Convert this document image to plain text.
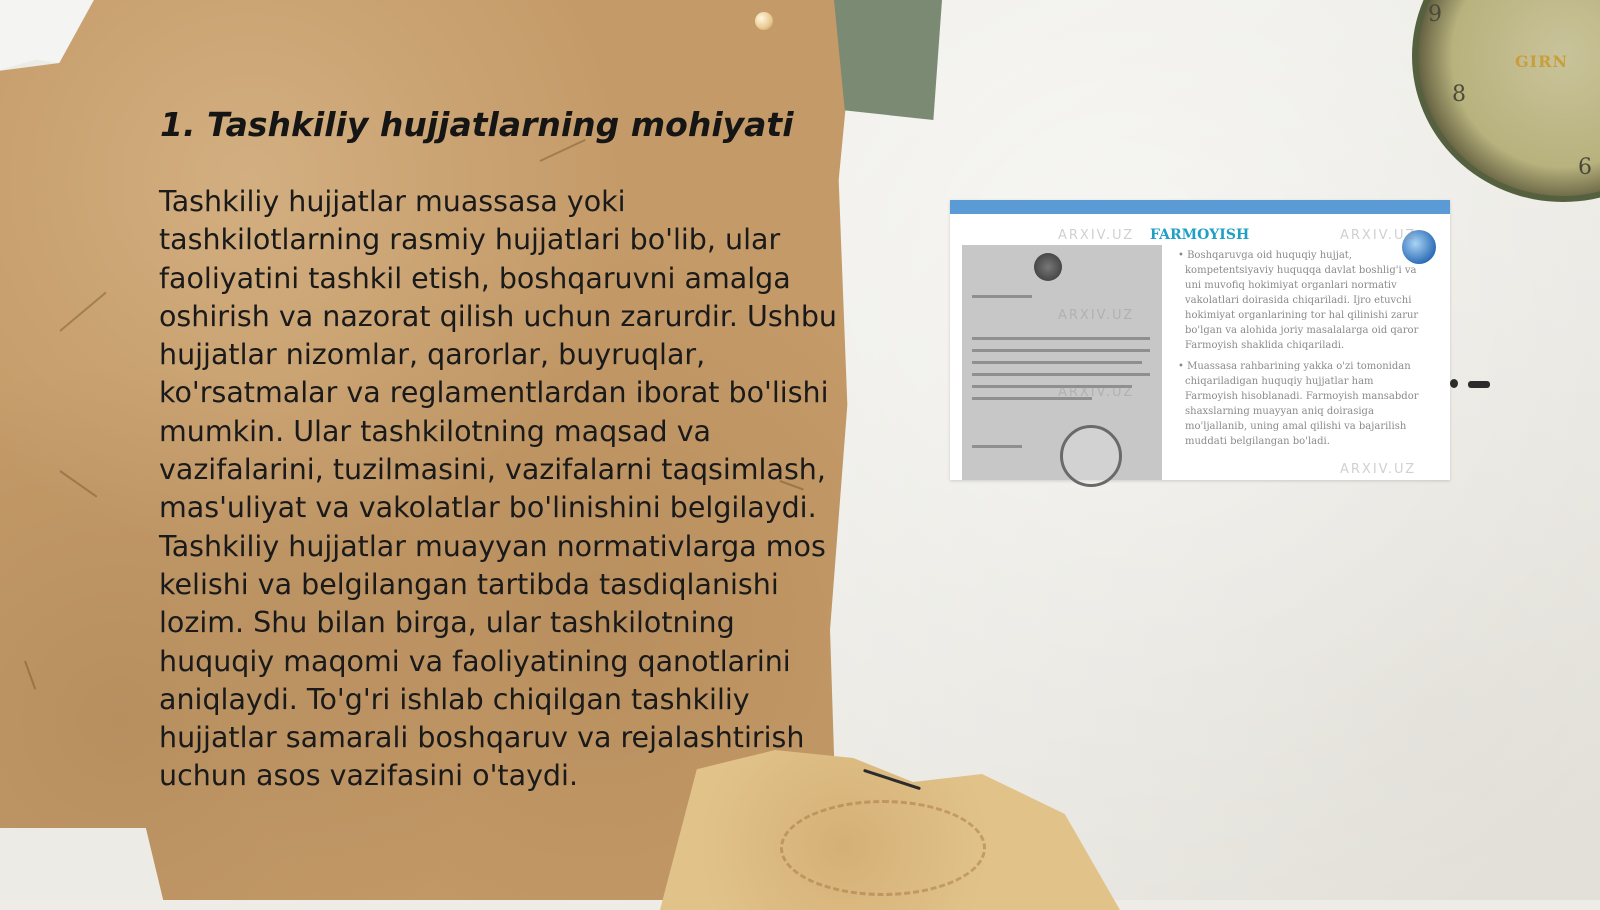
GIRN
9
8
6
1. Tashkiliy hujjatlarning mohiyati

Tashkiliy hujjatlar muassasa yoki tashkilotlarning rasmiy hujjatlari bo'lib, ular faoliyatini tashkil etish, boshqaruvni amalga oshirish va nazorat qilish uchun zarurdir. Ushbu hujjatlar nizomlar, qarorlar, buyruqlar, ko'rsatmalar va reglamentlardan iborat bo'lishi mumkin. Ular tashkilotning maqsad va vazifalarini, tuzilmasini, vazifalarni taqsimlash, mas'uliyat va vakolatlar bo'linishini belgilaydi. Tashkiliy hujjatlar muayyan normativlarga mos kelishi va belgilangan tartibda tasdiqlanishi lozim. Shu bilan birga, ular tashkilotning huquqiy maqomi va faoliyatining qanotlarini aniqlaydi. To'g'ri ishlab chiqilgan tashkiliy hujjatlar samarali boshqaruv va rejalashtirish uchun asos vazifasini o'taydi.

FARMOYISH

• Boshqaruvga oid huquqiy hujjat, kompetentsiyaviy huquqqa davlat boshlig'i va uni muvofiq hokimiyat organlari normativ vakolatlari doirasida chiqariladi. Ijro etuvchi hokimiyat organlarining tor hal qilinishi zarur bo'lgan va alohida joriy masalalarga oid qaror Farmoyish shaklida chiqariladi.

• Muassasa rahbarining yakka o'zi tomonidan chiqariladigan huquqiy hujjatlar ham Farmoyish hisoblanadi. Farmoyish mansabdor shaxslarning muayyan aniq doirasiga mo'ljallanib, uning amal qilishi va bajarilish muddati belgilangan bo'ladi.

ARXIV.UZ	ARXIV.UZ
ARXIV.UZ
ARXIV.UZ
ARXIV.UZ
